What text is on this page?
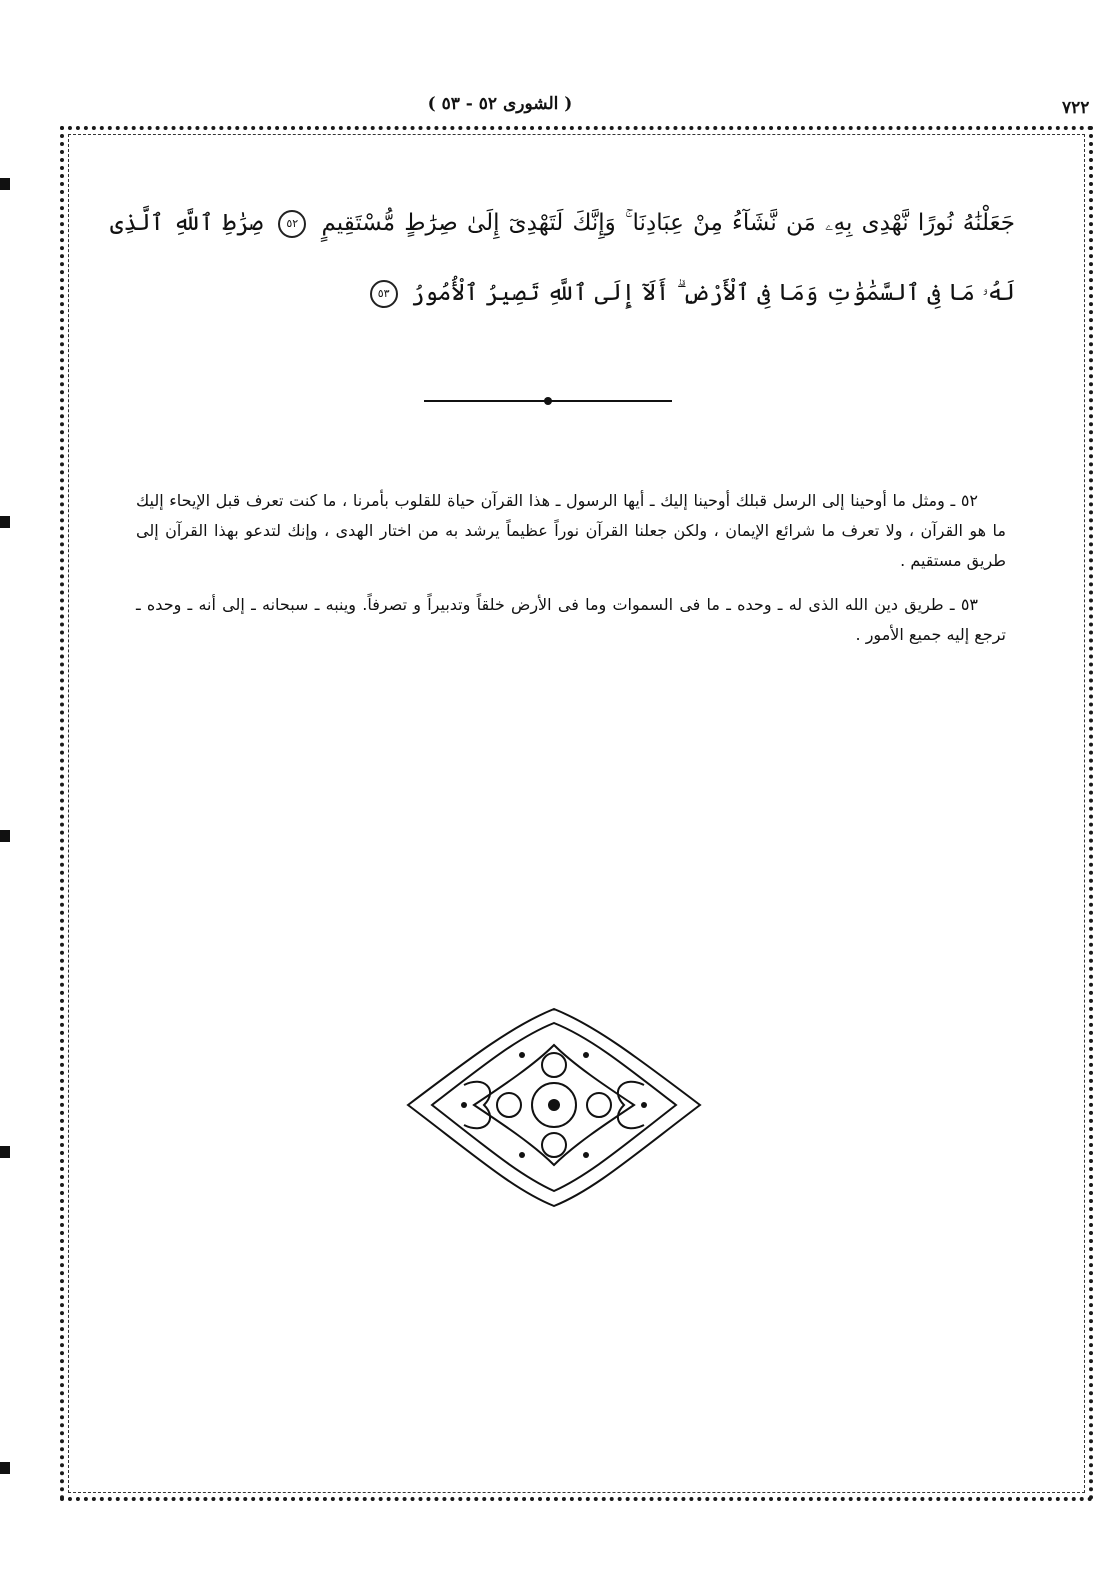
٧٢٢
( الشورى ٥٢ - ٥٣ )
جَعَلْنَٰهُ نُورًا نَّهْدِى بِهِۦ مَن نَّشَآءُ مِنْ عِبَادِنَا ۚ وَإِنَّكَ لَتَهْدِىٓ إِلَىٰ صِرَٰطٍ مُّسْتَقِيمٍ ٥٢ صِرَٰطِ ٱللَّهِ ٱلَّذِى لَهُۥ مَا فِى ٱلسَّمَٰوَٰتِ وَمَا فِى ٱلْأَرْضِ ۗ أَلَآ إِلَى ٱللَّهِ تَصِيرُ ٱلْأُمُورُ ٥٣

٥٢ ـ ومثل ما أوحينا إلى الرسل قبلك أوحينا إليك ـ أيها الرسول ـ هذا القرآن حياة للقلوب بأمرنا ، ما كنت تعرف قبل الإيحاء إليك ما هو القرآن ، ولا تعرف ما شرائع الإيمان ، ولكن جعلنا القرآن نوراً عظيماً يرشد به من اختار الهدى ، وإنك لتدعو بهذا القرآن إلى طريق مستقيم .

٥٣ ـ طريق دين الله الذى له ـ وحده ـ ما فى السموات وما فى الأرض خلقاً وتدبيراً و تصرفاً. وينبه ـ سبحانه ـ إلى أنه ـ وحده ـ ترجع إليه جميع الأمور .
